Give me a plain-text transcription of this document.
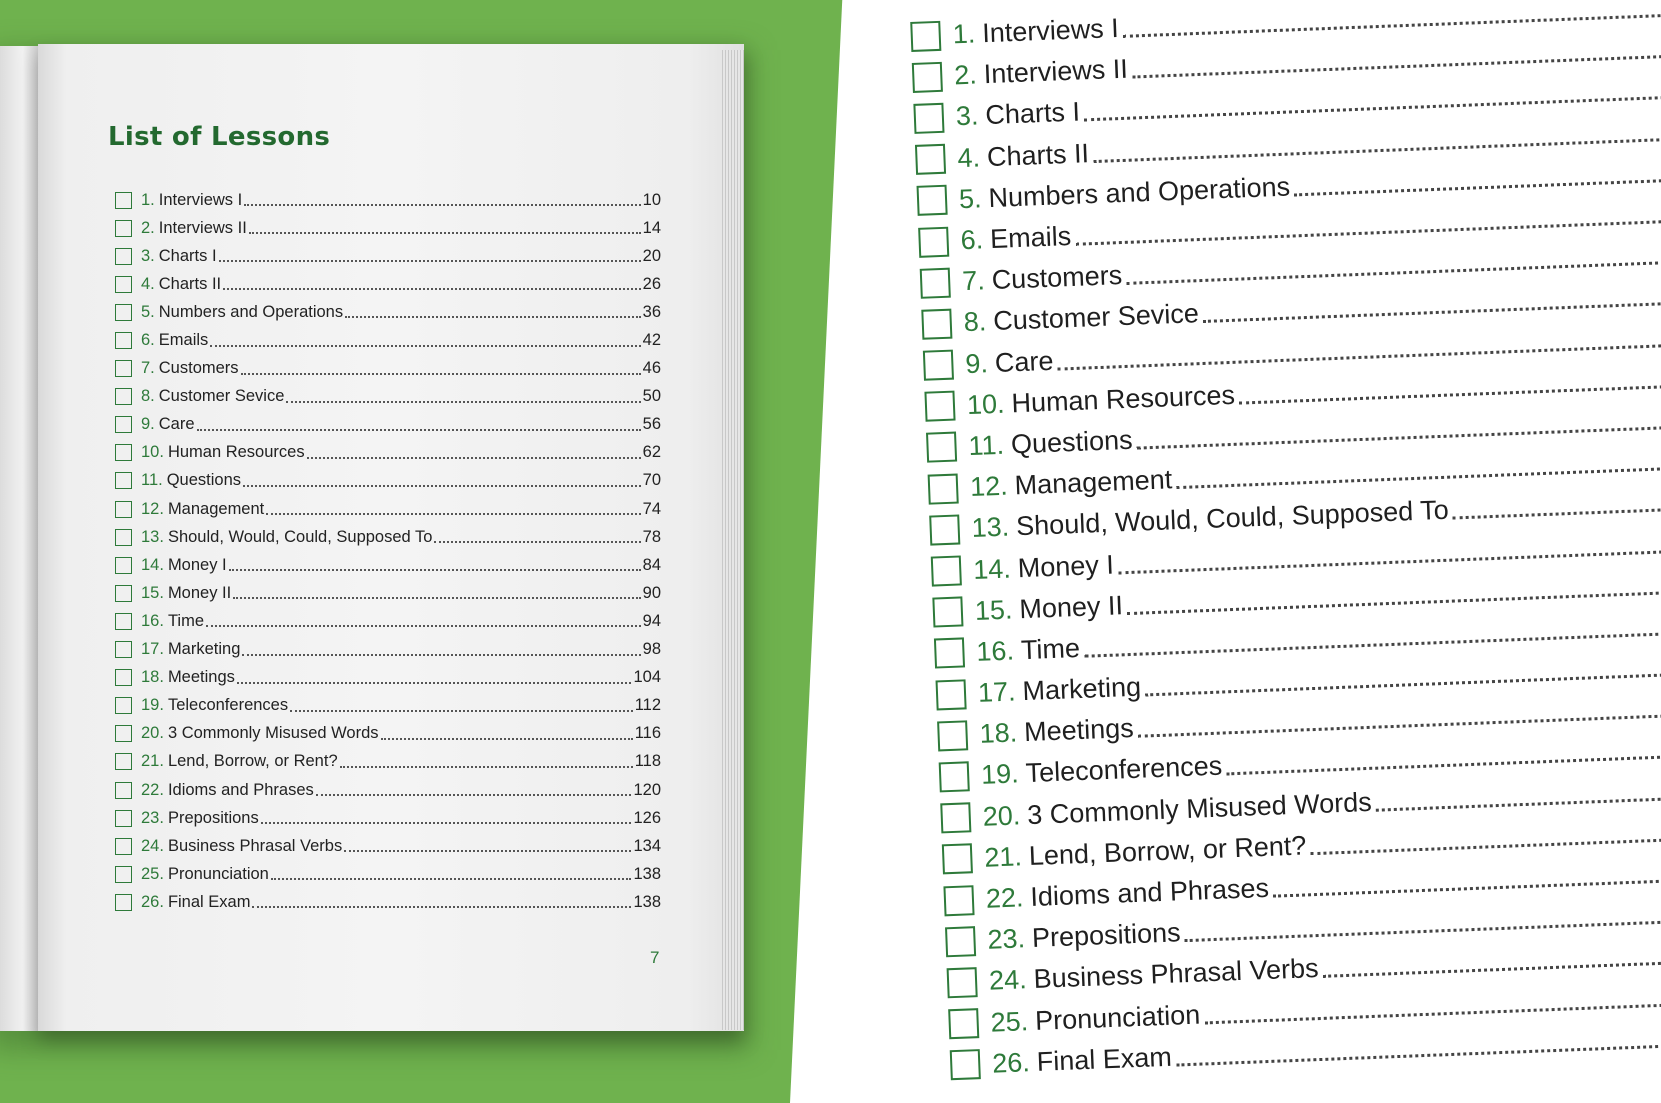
List of Lessons
1. Interviews I	10
2. Interviews II	14
3. Charts I	20
4. Charts II	26
5. Numbers and Operations	36
6. Emails	42
7. Customers	46
8. Customer Sevice	50
9. Care	56
10. Human Resources	62
11. Questions	70
12. Management	74
13. Should, Would, Could, Supposed To	78
14. Money I	84
15. Money II	90
16. Time	94
17. Marketing	98
18. Meetings	104
19. Teleconferences	112
20. 3 Commonly Misused Words	116
21. Lend, Borrow, or Rent?	118
22. Idioms and Phrases	120
23. Prepositions	126
24. Business Phrasal Verbs	134
25. Pronunciation	138
26. Final Exam	138
7
1. Interviews I
2. Interviews II
3. Charts I
4. Charts II
5. Numbers and Operations
6. Emails
7. Customers
8. Customer Sevice
9. Care
10. Human Resources
11. Questions
12. Management
13. Should, Would, Could, Supposed To
14. Money I
15. Money II
16. Time
17. Marketing
18. Meetings
19. Teleconferences
20. 3 Commonly Misused Words
21. Lend, Borrow, or Rent?
22. Idioms and Phrases
23. Prepositions
24. Business Phrasal Verbs
25. Pronunciation
26. Final Exam
